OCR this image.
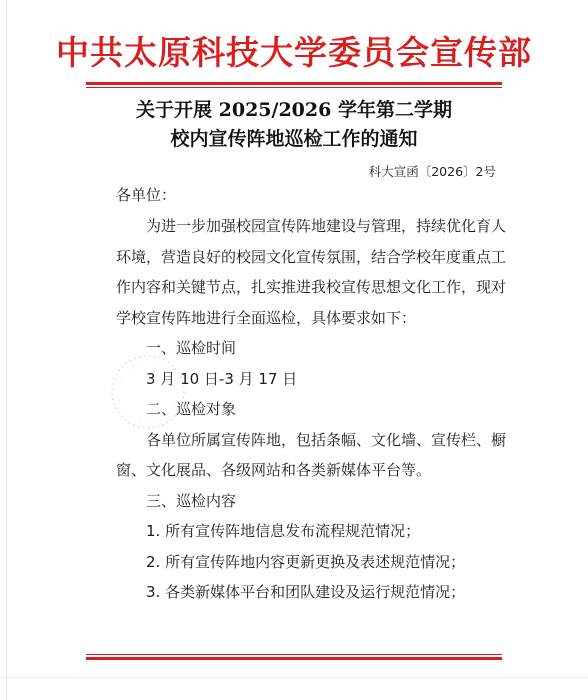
中共太原科技大学委员会宣传部
关于开展 2025/2026 学年第二学期
校内宣传阵地巡检工作的通知
科大宣函〔2026〕2号
各单位：
为进一步加强校园宣传阵地建设与管理，持续优化育人
环境，营造良好的校园文化宣传氛围，结合学校年度重点工
作内容和关键节点，扎实推进我校宣传思想文化工作，现对
学校宣传阵地进行全面巡检，具体要求如下：
一、巡检时间
3 月 10 日-3 月 17 日
二、巡检对象
各单位所属宣传阵地，包括条幅、文化墙、宣传栏、橱
窗、文化展品、各级网站和各类新媒体平台等。
三、巡检内容
1. 所有宣传阵地信息发布流程规范情况；
2. 所有宣传阵地内容更新更换及表述规范情况；
3. 各类新媒体平台和团队建设及运行规范情况；
